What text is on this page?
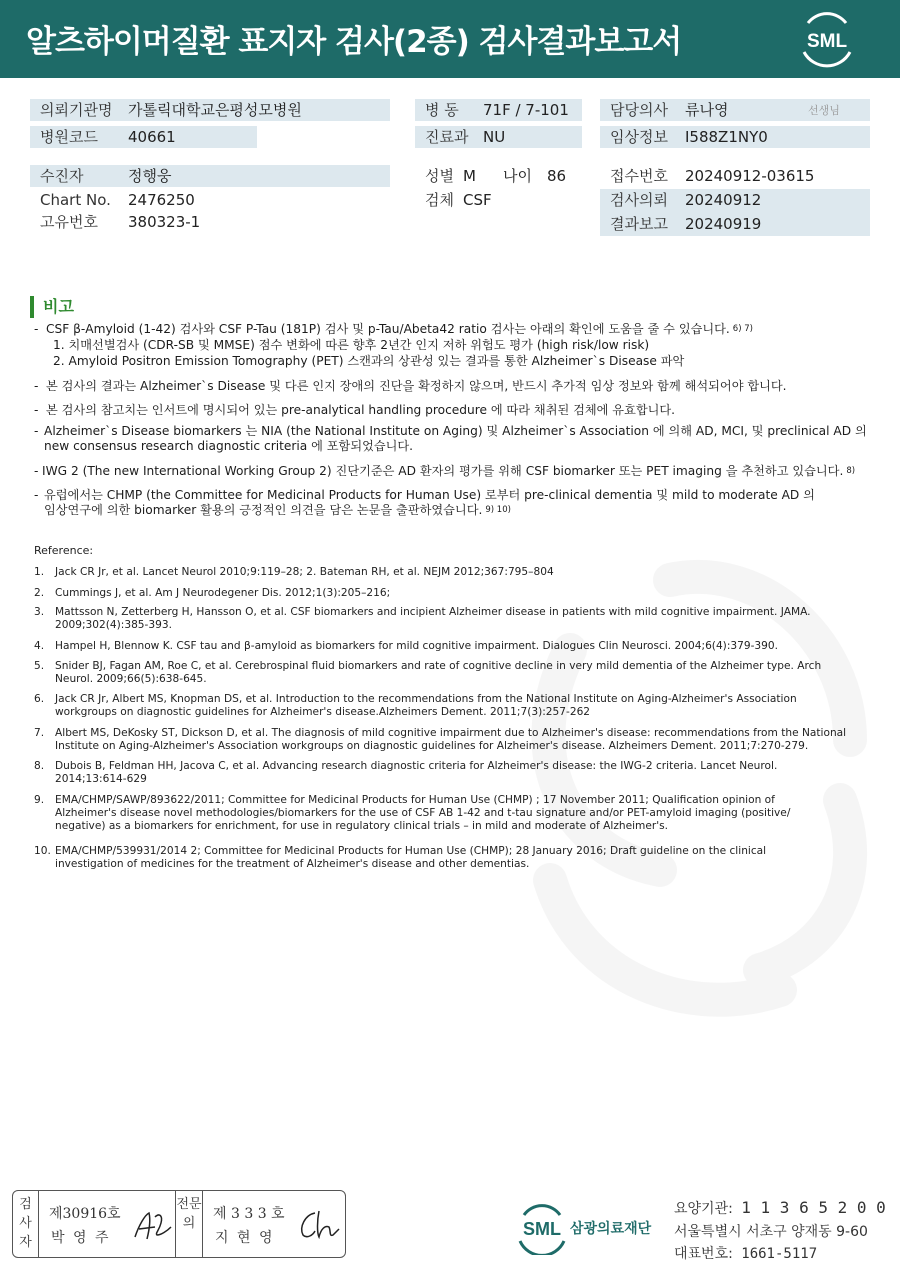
알츠하이머질환 표지자 검사(2종) 검사결과보고서	SML
의뢰기관명 가톨릭대학교은평성모병원
병원코드 40661
병 동 71F / 7-101
진료과 NU
담당의사 류나영	선생님
임상정보 I588Z1NY0
수진자	정행웅
Chart No. 2476250
고유번호 380323-1
성별 M 나이 86
검체 CSF
접수번호 20240912-03615
검사의뢰 20240912
결과보고 20240919
비고
- CSF β-Amyloid (1-42) 검사와 CSF P-Tau (181P) 검사 및 p-Tau/Abeta42 ratio 검사는 아래의 확인에 도움을 줄 수 있습니다. $^{6) 7)}$
1. 치매선별검사 (CDR-SB 및 MMSE) 점수 변화에 따른 향후 2년간 인지 저하 위험도 평가 (high risk/low risk)
2. Amyloid Positron Emission Tomography (PET) 스캔과의 상관성 있는 결과를 통한 Alzheimer`s Disease 파악
- 본 검사의 결과는 Alzheimer`s Disease 및 다른 인지 장애의 진단을 확정하지 않으며, 반드시 추가적 임상 정보와 함께 해석되어야 합니다.
- 본 검사의 참고치는 인서트에 명시되어 있는 pre-analytical handling procedure 에 따라 채취된 검체에 유효합니다.
- Alzheimer`s Disease biomarkers 는 NIA (the National Institute on Aging) 및 Alzheimer`s Association 에 의해 AD, MCI, 및 preclinical AD 의
new consensus research diagnostic criteria 에 포함되었습니다.
- IWG 2 (The new International Working Group 2) 진단기준은 AD 환자의 평가를 위해 CSF biomarker 또는 PET imaging 을 추천하고 있습니다. $^{8)}$
- 유럽에서는 CHMP (the Committee for Medicinal Products for Human Use) 로부터 pre-clinical dementia 및 mild to moderate AD 의
임상연구에 의한 biomarker 활용의 긍정적인 의견을 담은 논문을 출판하였습니다. $^{9) 10)}$
Reference:
1. Jack CR Jr, et al. Lancet Neurol 2010;9:119–28; 2. Bateman RH, et al. NEJM 2012;367:795–804
2. Cummings J, et al. Am J Neurodegener Dis. 2012;1(3):205–216;
3. Mattsson N, Zetterberg H, Hansson O, et al. CSF biomarkers and incipient Alzheimer disease in patients with mild cognitive impairment. JAMA.
2009;302(4):385-393.
4. Hampel H, Blennow K. CSF tau and β-amyloid as biomarkers for mild cognitive impairment. Dialogues Clin Neurosci. 2004;6(4):379-390.
5. Snider BJ, Fagan AM, Roe C, et al. Cerebrospinal fluid biomarkers and rate of cognitive decline in very mild dementia of the Alzheimer type. Arch
Neurol. 2009;66(5):638-645.
6. Jack CR Jr, Albert MS, Knopman DS, et al. Introduction to the recommendations from the National Institute on Aging-Alzheimer's Association
workgroups on diagnostic guidelines for Alzheimer's disease.Alzheimers Dement. 2011;7(3):257-262
7. Albert MS, DeKosky ST, Dickson D, et al. The diagnosis of mild cognitive impairment due to Alzheimer's disease: recommendations from the National
Institute on Aging-Alzheimer's Association workgroups on diagnostic guidelines for Alzheimer's disease. Alzheimers Dement. 2011;7:270-279.
8. Dubois B, Feldman HH, Jacova C, et al. Advancing research diagnostic criteria for Alzheimer's disease: the IWG-2 criteria. Lancet Neurol.
2014;13:614-629
9. EMA/CHMP/SAWP/893622/2011; Committee for Medicinal Products for Human Use (CHMP) ; 17 November 2011; Qualification opinion of
Alzheimer's disease novel methodologies/biomarkers for the use of CSF AB 1-42 and t-tau signature and/or PET-amyloid imaging (positive/
negative) as a biomarkers for enrichment, for use in regulatory clinical trials – in mild and moderate of Alzheimer's.
10. EMA/CHMP/539931/2014 2; Committee for Medicinal Products for Human Use (CHMP); 28 January 2016; Draft guideline on the clinical
investigation of medicines for the treatment of Alzheimer's disease and other dementias.
검사자
제30916호
박 영 주
전문의
제 3 3 3 호
지 현 영	SML 삼광의료재단
요양기관: 1 1 3 6 5 2 0 0
서울특별시 서초구 양재동 9-60
대표번호: 1661-5117
